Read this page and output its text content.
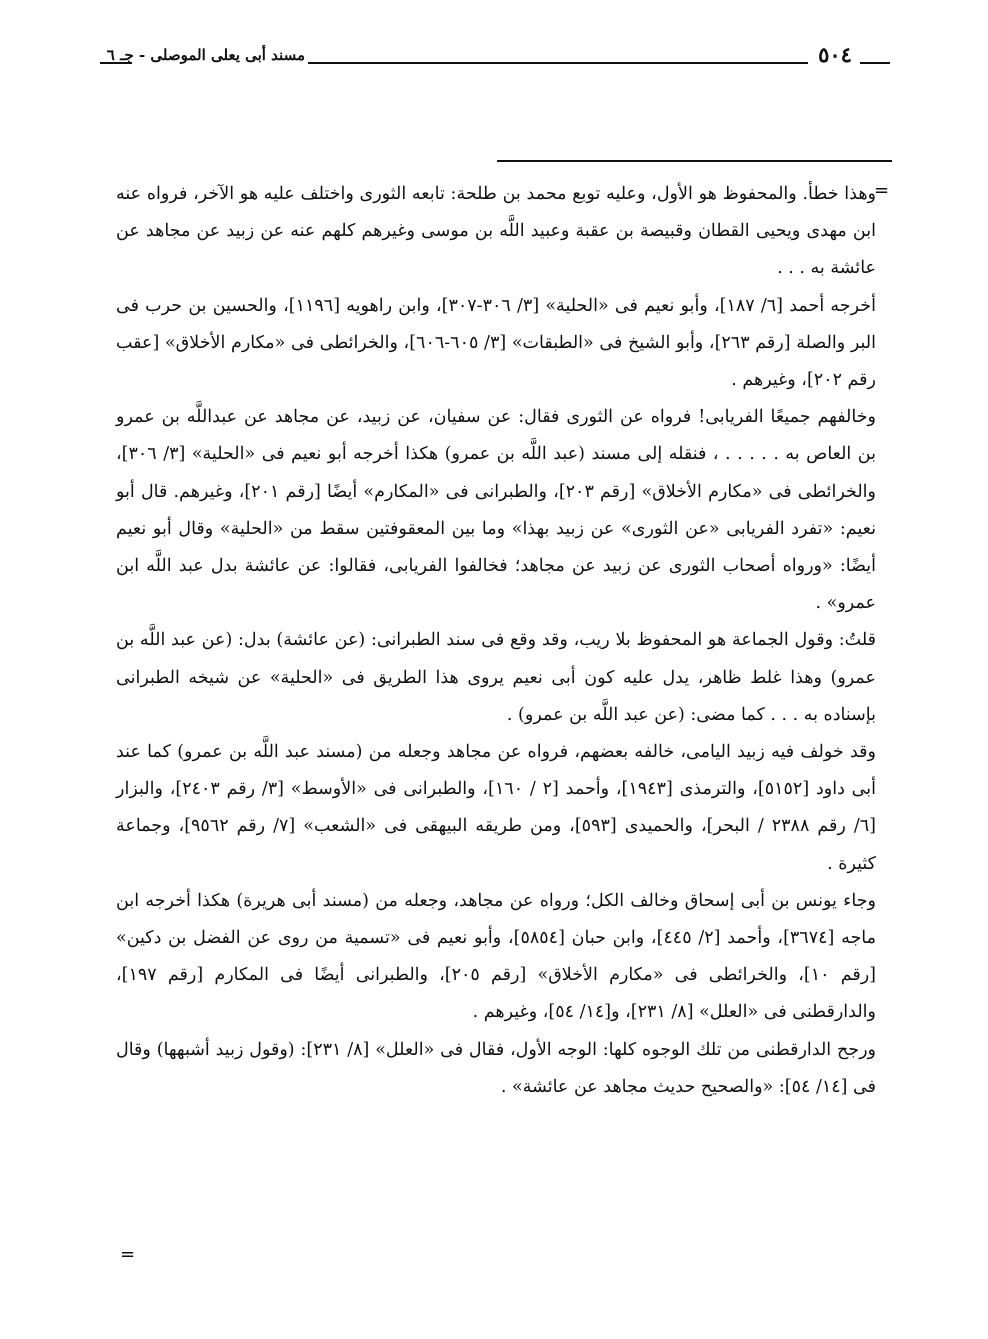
مسند أبى يعلى الموصلى - جـ ٦	٥٠٤
=

وهذا خطأ. والمحفوظ هو الأول، وعليه توبع محمد بن طلحة: تابعه الثورى واختلف عليه هو الآخر، فرواه عنه ابن مهدى ويحيى القطان وقبيصة بن عقبة وعبيد اللَّه بن موسى وغيرهم كلهم عنه عن زبيد عن مجاهد عن عائشة به . . .

أخرجه أحمد [٦/ ١٨٧]، وأبو نعيم فى «الحلية» [٣/ ٣٠٦-٣٠٧]، وابن راهويه [١١٩٦]، والحسين بن حرب فى البر والصلة [رقم ٢٦٣]، وأبو الشيخ فى «الطبقات» [٣/ ٦٠٥-٦٠٦]، والخرائطى فى «مكارم الأخلاق» [عقب رقم ٢٠٢]، وغيرهم .

وخالفهم جميعًا الفريابى! فرواه عن الثورى فقال: عن سفيان، عن زبيد، عن مجاهد عن عبداللَّه بن عمرو بن العاص به . . . . . ، فنقله إلى مسند (عبد اللَّه بن عمرو) هكذا أخرجه أبو نعيم فى «الحلية» [٣/ ٣٠٦]، والخرائطى فى «مكارم الأخلاق» [رقم ٢٠٣]، والطبرانى فى «المكارم» أيضًا [رقم ٢٠١]، وغيرهم. قال أبو نعيم: «تفرد الفريابى «عن الثورى» عن زبيد بهذا» وما بين المعقوفتين سقط من «الحلية» وقال أبو نعيم أيضًا: «ورواه أصحاب الثورى عن زبيد عن مجاهد؛ فخالفوا الفريابى، فقالوا: عن عائشة بدل عبد اللَّه ابن عمرو» .

قلتُ: وقول الجماعة هو المحفوظ بلا ريب، وقد وقع فى سند الطبرانى: (عن عائشة) بدل: (عن عبد اللَّه بن عمرو) وهذا غلط ظاهر، يدل عليه كون أبى نعيم يروى هذا الطريق فى «الحلية» عن شيخه الطبرانى بإسناده به . . . كما مضى: (عن عبد اللَّه بن عمرو) .

وقد خولف فيه زبيد اليامى، خالفه بعضهم، فرواه عن مجاهد وجعله من (مسند عبد اللَّه بن عمرو) كما عند أبى داود [٥١٥٢]، والترمذى [١٩٤٣]، وأحمد [٢ / ١٦٠]، والطبرانى فى «الأوسط» [٣/ رقم ٢٤٠٣]، والبزار [٦/ رقم ٢٣٨٨ / البحر]، والحميدى [٥٩٣]، ومن طريقه البيهقى فى «الشعب» [٧/ رقم ٩٥٦٢]، وجماعة كثيرة .

وجاء يونس بن أبى إسحاق وخالف الكل؛ ورواه عن مجاهد، وجعله من (مسند أبى هريرة) هكذا أخرجه ابن ماجه [٣٦٧٤]، وأحمد [٢/ ٤٤٥]، وابن حبان [٥٨٥٤]، وأبو نعيم فى «تسمية من روى عن الفضل بن دكين» [رقم ١٠]، والخرائطى فى «مكارم الأخلاق» [رقم ٢٠٥]، والطبرانى أيضًا فى المكارم [رقم ١٩٧]، والدارقطنى فى «العلل» [٨/ ٢٣١]، و[١٤/ ٥٤]، وغيرهم .

ورجح الدارقطنى من تلك الوجوه كلها: الوجه الأول، فقال فى «العلل» [٨/ ٢٣١]: (وقول زبيد أشبهها) وقال فى [١٤/ ٥٤]: «والصحيح حديث مجاهد عن عائشة» .

=
